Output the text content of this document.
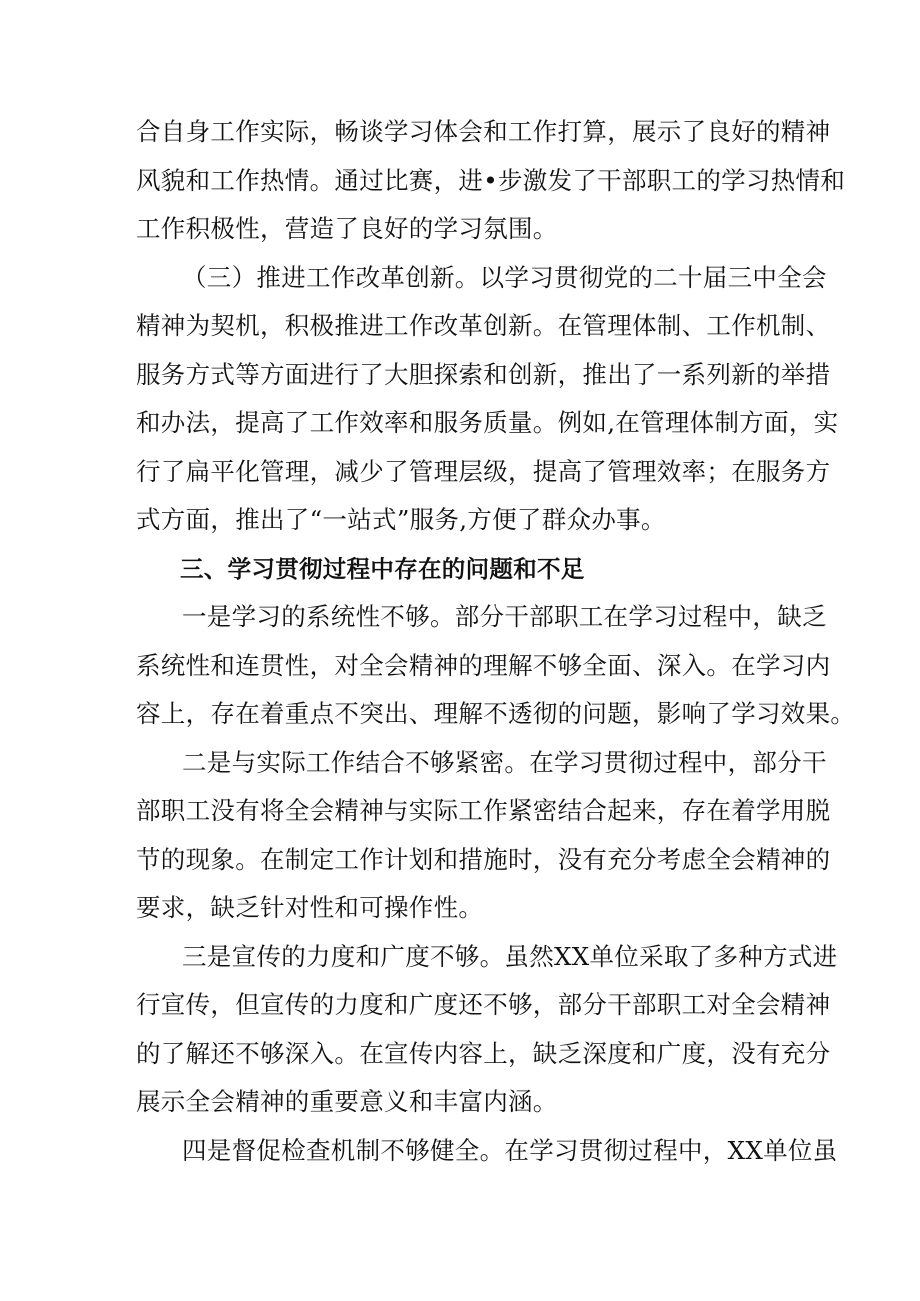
合自身工作实际，畅谈学习体会和工作打算，展示了良好的精神
风貌和工作热情。通过比赛，进•步激发了干部职工的学习热情和
工作积极性，营造了良好的学习氛围。
（三）推进工作改革创新。以学习贯彻党的二十届三中全会
精神为契机，积极推进工作改革创新。在管理体制、工作机制、
服务方式等方面进行了大胆探索和创新，推出了一系列新的举措
和办法，提高了工作效率和服务质量。例如,在管理体制方面，实
行了扁平化管理，减少了管理层级，提高了管理效率；在服务方
式方面，推出了“一站式”服务,方便了群众办事。
三、学习贯彻过程中存在的问题和不足
一是学习的系统性不够。部分干部职工在学习过程中，缺乏
系统性和连贯性，对全会精神的理解不够全面、深入。在学习内
容上，存在着重点不突出、理解不透彻的问题，影响了学习效果。
二是与实际工作结合不够紧密。在学习贯彻过程中，部分干
部职工没有将全会精神与实际工作紧密结合起来，存在着学用脱
节的现象。在制定工作计划和措施时，没有充分考虑全会精神的
要求，缺乏针对性和可操作性。
三是宣传的力度和广度不够。虽然XX单位采取了多种方式进
行宣传，但宣传的力度和广度还不够，部分干部职工对全会精神
的了解还不够深入。在宣传内容上，缺乏深度和广度，没有充分
展示全会精神的重要意义和丰富内涵。
四是督促检查机制不够健全。在学习贯彻过程中，XX单位虽
